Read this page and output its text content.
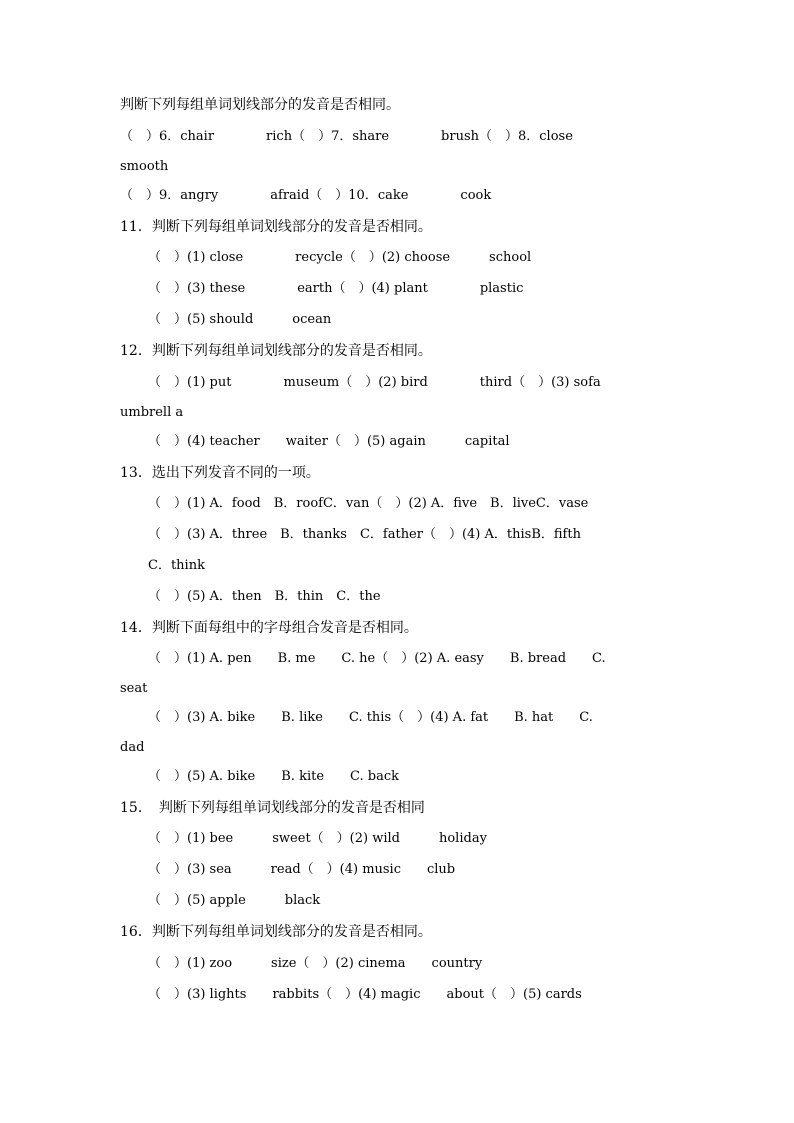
判断下列每组单词划线部分的发音是否相同。
（　）6．chair　　　　rich（　）7．share　　　　brush（　）8．close
smooth
（　）9．angry　　　　afraid（　）10．cake　　　　cook
11．判断下列每组单词划线部分的发音是否相同。
（　）(1) close　　　　recycle（　）(2) choose　　　school
（　）(3) these　　　　earth（　）(4) plant　　　　plastic
（　）(5) should　　　ocean
12．判断下列每组单词划线部分的发音是否相同。
（　）(1) put　　　　museum（　）(2) bird　　　　third（　）(3) sofa
umbrell a
（　）(4) teacher　　waiter（　）(5) again　　　capital
13．选出下列发音不同的一项。
（　）(1) A．food　B．roofC．van（　）(2) A．five　B．liveC．vase
（　）(3) A．three　B．thanks　C．father（　）(4) A．thisB．fifth
C．think
（　）(5) A．then　B．thin　C．the
14．判断下面每组中的字母组合发音是否相同。
（　）(1) A. pen　　B. me　　C. he（　）(2) A. easy　　B. bread　　C.
seat
（　）(3) A. bike　　B. like　　C. this（　）(4) A. fat　　B. hat　　C.
dad
（　）(5) A. bike　　B. kite　　C. back
15．　判断下列每组单词划线部分的发音是否相同
（　）(1) bee　　　sweet（　）(2) wild　　　holiday
（　）(3) sea　　　read（　）(4) music　　club
（　）(5) apple　　　black
16．判断下列每组单词划线部分的发音是否相同。
（　）(1) zoo　　　size（　）(2) cinema　　country
（　）(3) lights　　rabbits（　）(4) magic　　about（　）(5) cards
